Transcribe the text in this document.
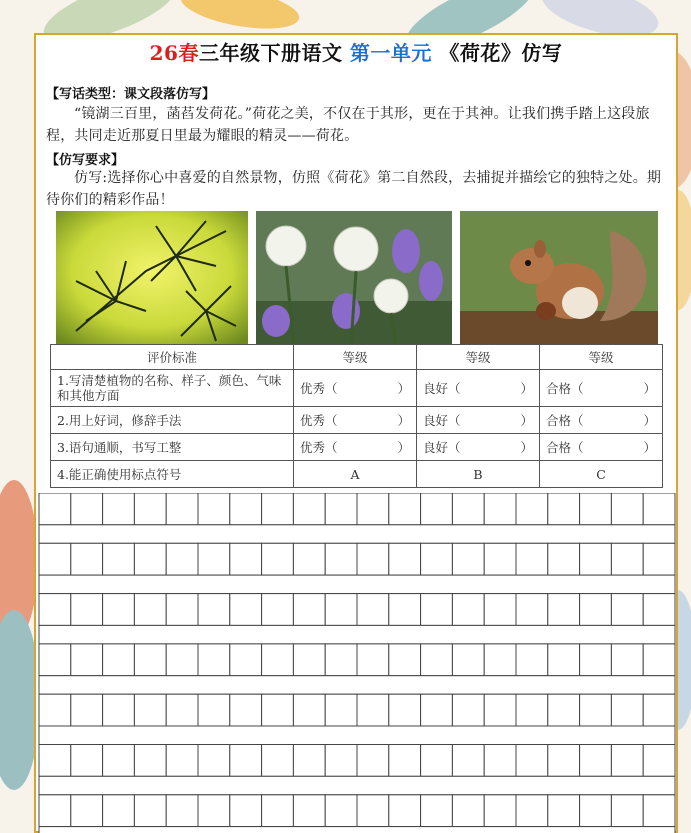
26春三年级下册语文 第一单元 《荷花》仿写
【写话类型：课文段落仿写】
“镜湖三百里，菡萏发荷花。”荷花之美，不仅在于其形，更在于其神。让我们携手踏上这段旅程，共同走近那夏日里最为耀眼的精灵——荷花。
【仿写要求】
仿写:选择你心中喜爱的自然景物，仿照《荷花》第二自然段，去捕捉并描绘它的独特之处。期待你们的精彩作品！
评价标准	等级	等级	等级
1.写清楚植物的名称、样子、颜色、气味和其他方面	优秀（ ）	良好（ ）	合格（ ）

2.用上好词，修辞手法	优秀（ ）	良好（ ）	合格（ ）

3.语句通顺，书写工整	优秀（ ）	良好（ ）	合格（ ）

4.能正确使用标点符号	A	B	C
